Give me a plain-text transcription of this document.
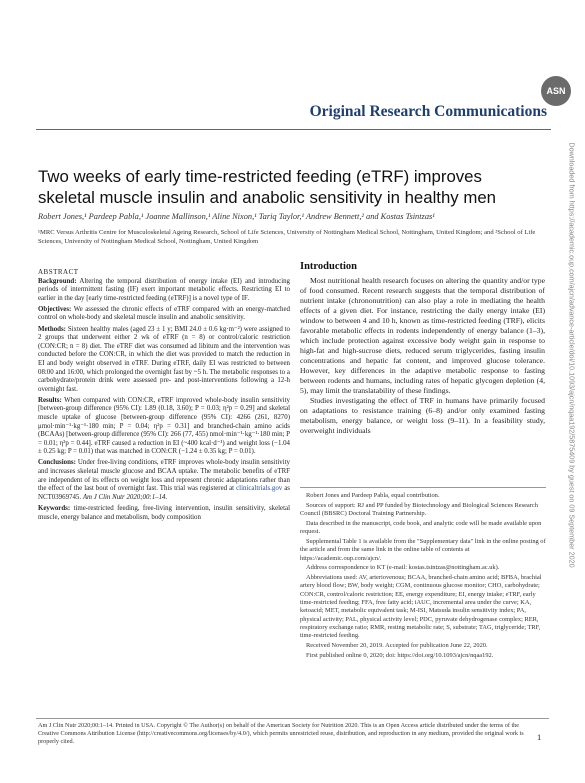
Original Research Communications
ASN
Downloaded from https://academic.oup.com/ajcn/advance-article/doi/10.1093/ajcn/nqaa192/5875409 by guest on 09 September 2020
Two weeks of early time-restricted feeding (eTRF) improves skeletal muscle insulin and anabolic sensitivity in healthy men
Robert Jones,¹ Pardeep Pabla,¹ Joanne Mallinson,¹ Aline Nixon,¹ Tariq Taylor,¹ Andrew Bennett,² and Kostas Tsintzas¹
¹MRC Versus Arthritis Centre for Musculoskeletal Ageing Research, School of Life Sciences, University of Nottingham Medical School, Nottingham, United Kingdom; and ²School of Life Sciences, University of Nottingham Medical School, Nottingham, United Kingdom
ABSTRACT

Background: Altering the temporal distribution of energy intake (EI) and introducing periods of intermittent fasting (IF) exert important metabolic effects. Restricting EI to earlier in the day [early time-restricted feeding (eTRF)] is a novel type of IF.

Objectives: We assessed the chronic effects of eTRF compared with an energy-matched control on whole-body and skeletal muscle insulin and anabolic sensitivity.

Methods: Sixteen healthy males (aged 23 ± 1 y; BMI 24.0 ± 0.6 kg·m⁻²) were assigned to 2 groups that underwent either 2 wk of eTRF (n = 8) or control/caloric restriction (CON:CR; n = 8) diet. The eTRF diet was consumed ad libitum and the intervention was conducted before the CON:CR, in which the diet was provided to match the reduction in EI and body weight observed in eTRF. During eTRF, daily EI was restricted to between 08:00 and 16:00, which prolonged the overnight fast by ~5 h. The metabolic responses to a carbohydrate/protein drink were assessed pre- and post-interventions following a 12-h overnight fast.

Results: When compared with CON:CR, eTRF improved whole-body insulin sensitivity [between-group difference (95% CI): 1.89 (0.18, 3.60); P = 0.03; η²p = 0.29] and skeletal muscle uptake of glucose [between-group difference (95% CI): 4266 (261, 8270) μmol·min⁻¹·kg⁻¹·180 min; P = 0.04; η²p = 0.31] and branched-chain amino acids (BCAAs) [between-group difference (95% CI): 266 (77, 455) nmol·min⁻¹·kg⁻¹·180 min; P = 0.01; η²p = 0.44]. eTRF caused a reduction in EI (~400 kcal·d⁻¹) and weight loss (−1.04 ± 0.25 kg; P = 0.01) that was matched in CON:CR (−1.24 ± 0.35 kg; P = 0.01).

Conclusions: Under free-living conditions, eTRF improves whole-body insulin sensitivity and increases skeletal muscle glucose and BCAA uptake. The metabolic benefits of eTRF are independent of its effects on weight loss and represent chronic adaptations rather than the effect of the last bout of overnight fast. This trial was registered at clinicaltrials.gov as NCT03969745. Am J Clin Nutr 2020;00:1–14.

Keywords: time-restricted feeding, free-living intervention, insulin sensitivity, skeletal muscle, energy balance and metabolism, body composition

Introduction

Most nutritional health research focuses on altering the quantity and/or type of food consumed. Recent research suggests that the temporal distribution of nutrient intake (chrononutrition) can also play a role in mediating the health effects of a given diet. For instance, restricting the daily energy intake (EI) window to between 4 and 10 h, known as time-restricted feeding (TRF), elicits favorable metabolic effects in rodents independently of energy balance (1–3), which include protection against excessive body weight gain in response to high-fat and high-sucrose diets, reduced serum triglycerides, fasting insulin concentrations and hepatic fat content, and improved glucose tolerance. However, key differences in the adaptive metabolic response to fasting between rodents and humans, including rates of hepatic glycogen depletion (4, 5), may limit the translatability of these findings.

Studies investigating the effect of TRF in humans have primarily focused on adaptations to resistance training (6–8) and/or only examined fasting metabolism, energy balance, or weight loss (9–11). In a feasibility study, overweight individuals

Robert Jones and Pardeep Pabla, equal contribution.

Sources of support: RJ and PP funded by Biotechnology and Biological Sciences Research Council (BBSRC) Doctoral Training Partnership.

Data described in the manuscript, code book, and analytic code will be made available upon request.

Supplemental Table 1 is available from the "Supplementary data" link in the online posting of the article and from the same link in the online table of contents at https://academic.oup.com/ajcn/.

Address correspondence to KT (e-mail: kostas.tsintzas@nottingham.ac.uk).

Abbreviations used: AV, arteriovenous; BCAA, branched-chain amino acid; BFBA, brachial artery blood flow; BW, body weight; CGM, continuous glucose monitor; CHO, carbohydrate; CON:CR, control/caloric restriction; EE, energy expenditure; EI, energy intake; eTRF, early time-restricted feeding; FFA, free fatty acid; iAUC, incremental area under the curve; KA, ketoacid; MET, metabolic equivalent task; M-ISI, Matsuda insulin sensitivity index; PA, physical activity; PAL, physical activity level; PDC, pyruvate dehydrogenase complex; RER, respiratory exchange ratio; RMR, resting metabolic rate; S, substrate; TAG, triglyceride; TRF, time-restricted feeding.

Received November 20, 2019. Accepted for publication June 22, 2020.

First published online 0, 2020; doi: https://doi.org/10.1093/ajcn/nqaa192.

Am J Clin Nutr 2020;00:1–14. Printed in USA. Copyright © The Author(s) on behalf of the American Society for Nutrition 2020. This is an Open Access article distributed under the terms of the Creative Commons Attribution License (http://creativecommons.org/licenses/by/4.0/), which permits unrestricted reuse, distribution, and reproduction in any medium, provided the original work is properly cited.	1
